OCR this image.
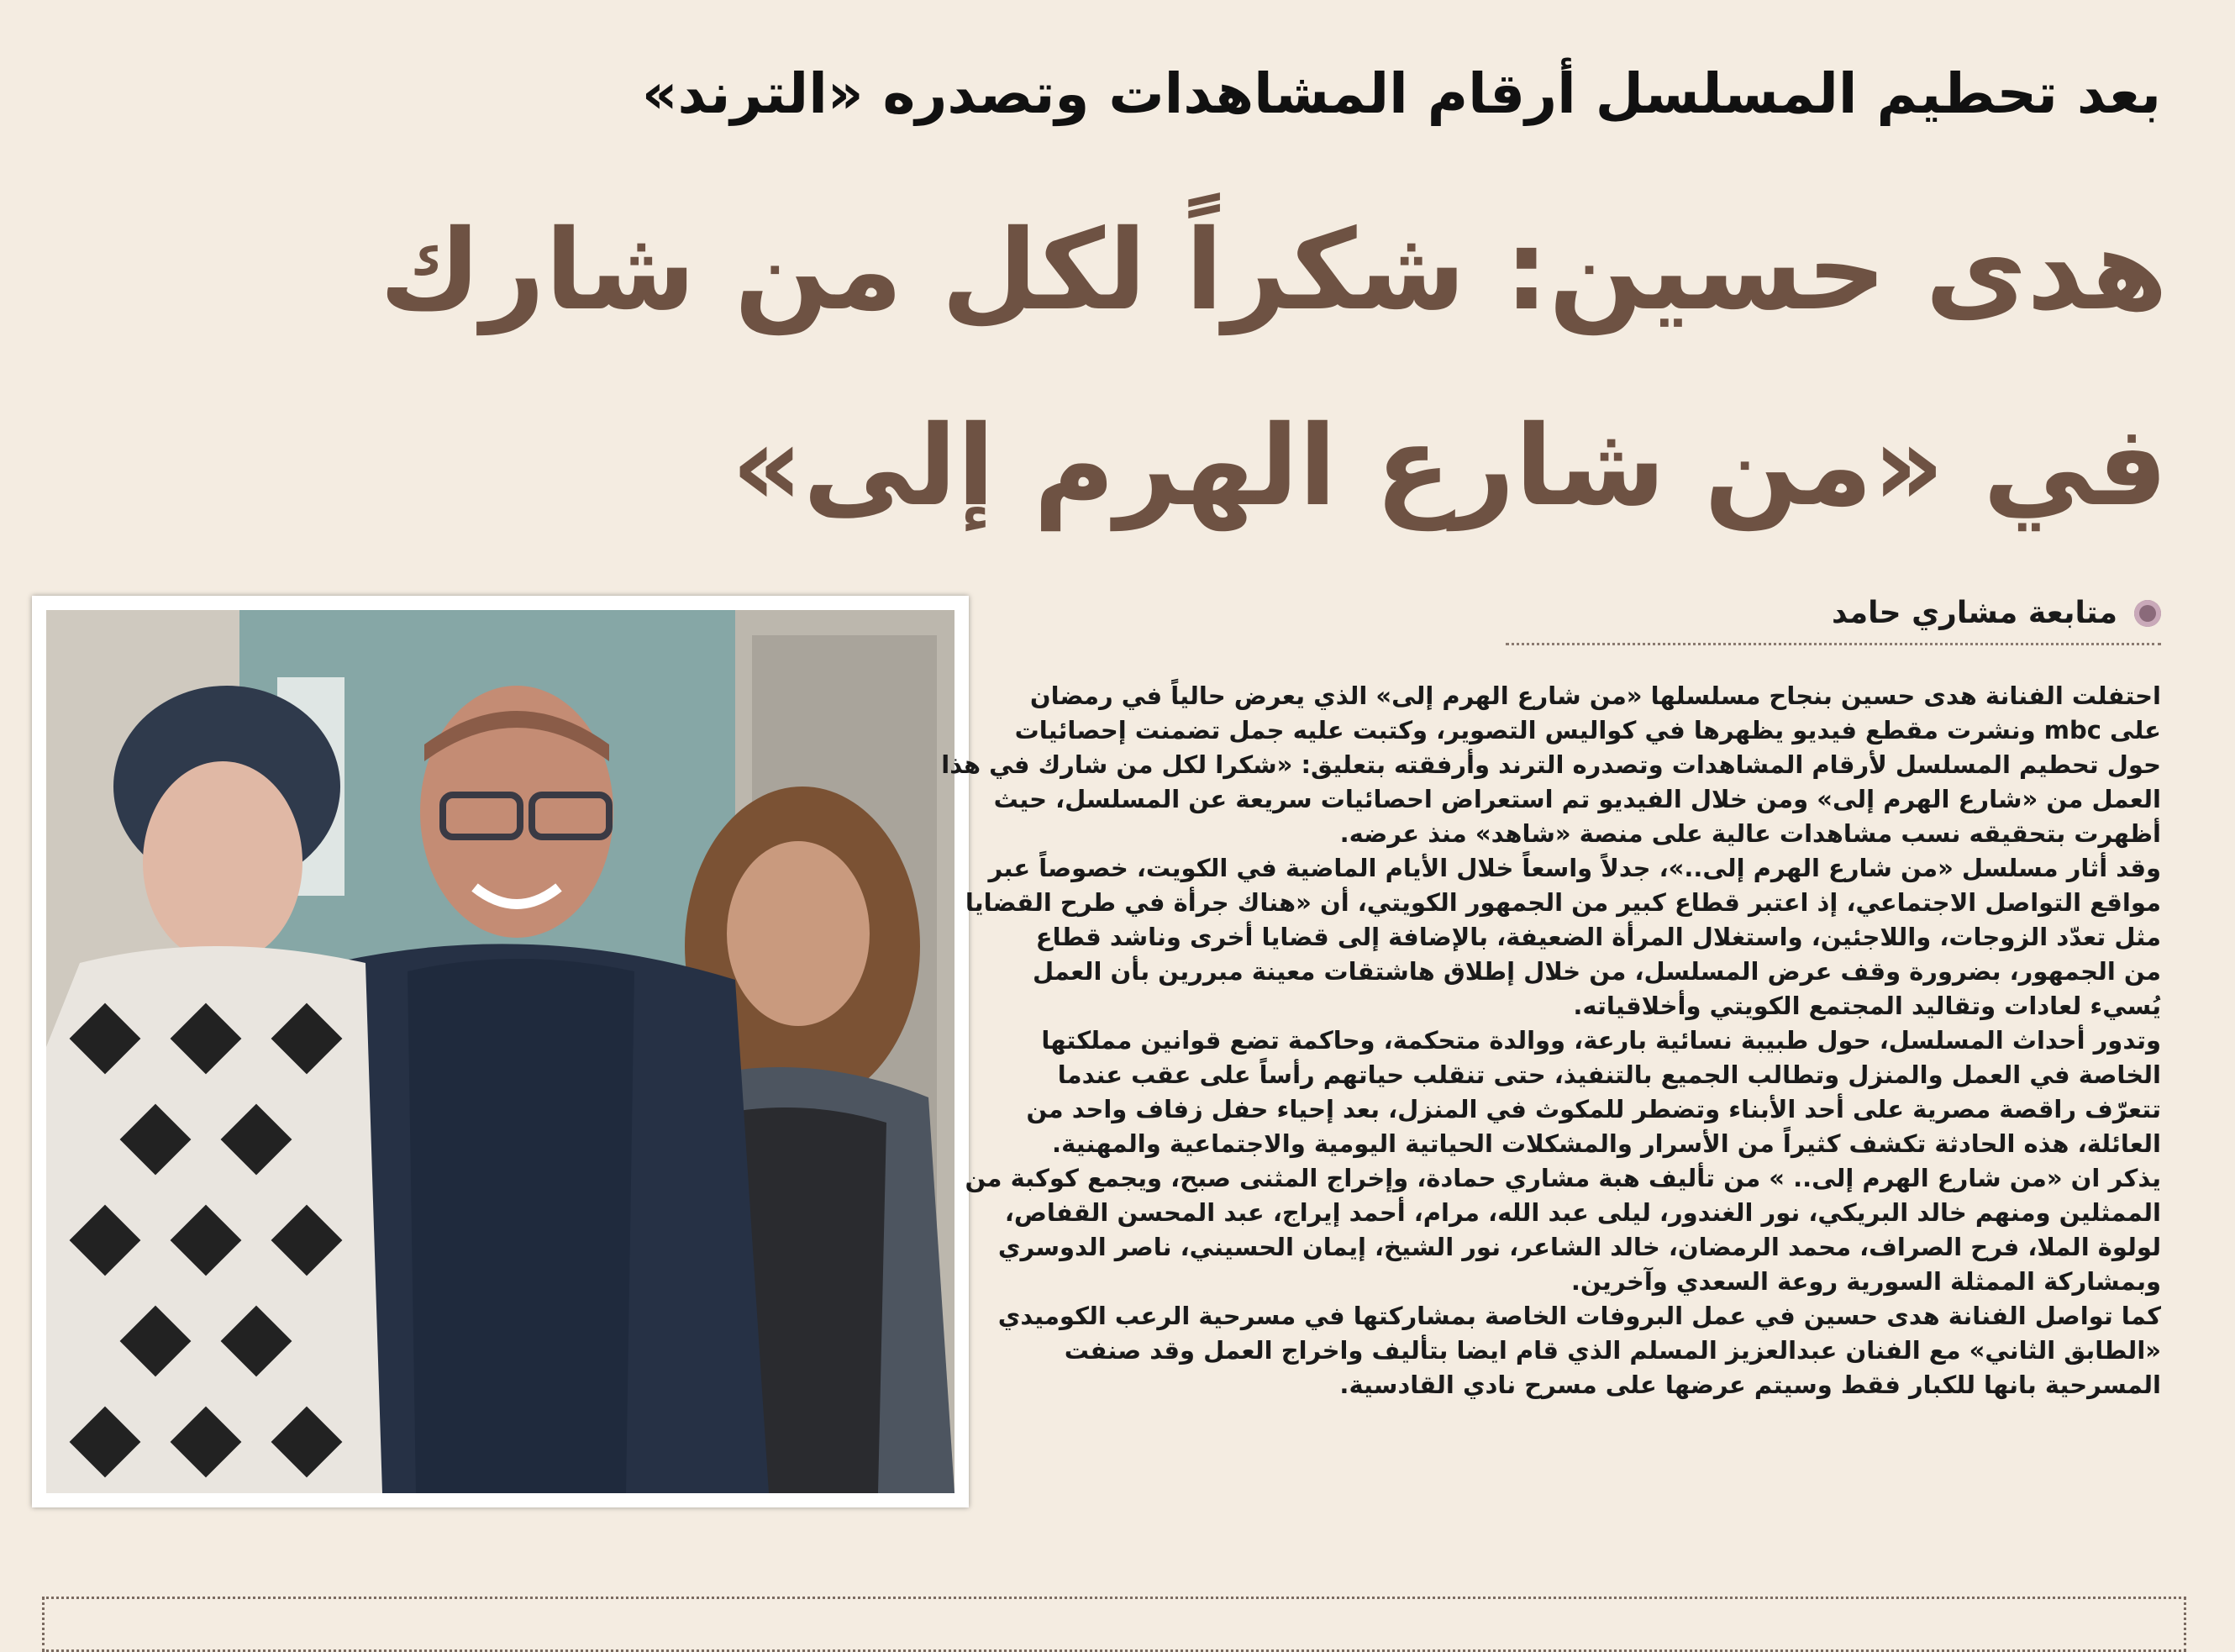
بعد تحطيم المسلسل أرقام المشاهدات وتصدره «الترند»
هدى حسين: شكراً لكل من شارك
في «من شارع الهرم إلى»
متابعة مشاري حامد

احتفلت الفنانة هدى حسين بنجاح مسلسلها «من شارع الهرم إلى» الذي يعرض حالياً في رمضان

على mbc ونشرت مقطع فيديو يظهرها في كواليس التصوير، وكتبت عليه جمل تضمنت إحصائيات

حول تحطيم المسلسل لأرقام المشاهدات وتصدره الترند وأرفقته بتعليق: «شكرا لكل من شارك في هذا

العمل من «شارع الهرم إلى» ومن خلال الفيديو تم استعراض احصائيات سريعة عن المسلسل، حيث

أظهرت بتحقيقه نسب مشاهدات عالية على منصة «شاهد» منذ عرضه.

وقد أثار مسلسل «من شارع الهرم إلى..»، جدلاً واسعاً خلال الأيام الماضية في الكويت، خصوصاً عبر

مواقع التواصل الاجتماعي، إذ اعتبر قطاع كبير من الجمهور الكويتي، أن «هناك جرأة في طرح القضايا

مثل تعدّد الزوجات، واللاجئين، واستغلال المرأة الضعيفة، بالإضافة إلى قضايا أخرى وناشد قطاع

من الجمهور، بضرورة وقف عرض المسلسل، من خلال إطلاق هاشتقات معينة مبررين بأن العمل

يُسيء لعادات وتقاليد المجتمع الكويتي وأخلاقياته.

وتدور أحداث المسلسل، حول طبيبة نسائية بارعة، ووالدة متحكمة، وحاكمة تضع قوانين مملكتها

الخاصة في العمل والمنزل وتطالب الجميع بالتنفيذ، حتى تنقلب حياتهم رأساً على عقب عندما

تتعرّف راقصة مصرية على أحد الأبناء وتضطر للمكوث في المنزل، بعد إحياء حفل زفاف واحد من

العائلة، هذه الحادثة تكشف كثيراً من الأسرار والمشكلات الحياتية اليومية والاجتماعية والمهنية.

يذكر ان «من شارع الهرم إلى.. » من تأليف هبة مشاري حمادة، وإخراج المثنى صبح، ويجمع كوكبة من

الممثلين ومنهم خالد البريكي، نور الغندور، ليلى عبد الله، مرام، أحمد إيراج، عبد المحسن القفاص،

لولوة الملا، فرح الصراف، محمد الرمضان، خالد الشاعر، نور الشيخ، إيمان الحسيني، ناصر الدوسري

وبمشاركة الممثلة السورية روعة السعدي وآخرين.

كما تواصل الفنانة هدى حسين في عمل البروفات الخاصة بمشاركتها في مسرحية الرعب الكوميدي

«الطابق الثاني» مع الفنان عبدالعزيز المسلم الذي قام ايضا بتأليف واخراج العمل وقد صنفت

المسرحية بانها للكبار فقط وسيتم عرضها على مسرح نادي القادسية.
